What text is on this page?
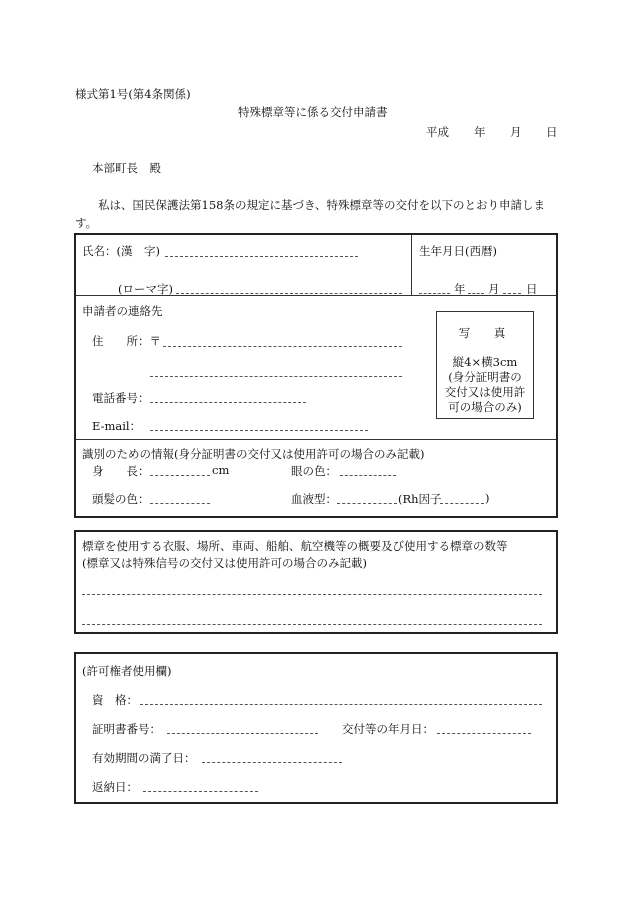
様式第1号(第4条関係)
特殊標章等に係る交付申請書
平成 年 月 日
本部町長　殿
私は、国民保護法第158条の規定に基づき、特殊標章等の交付を以下のとおり申請しま
す。
氏名：(漢　字)
(ローマ字)
生年月日(西暦)
年 月 日
申請者の連絡先
住　　所：〒
電話番号：
E-mail：
写　真
縦4×横3cm
(身分証明書の
交付又は使用許
可の場合のみ)
識別のための情報(身分証明書の交付又は使用許可の場合のみ記載)
身　　長：	cm	眼の色：
頭髪の色：	血液型：	(Rh因子	)
標章を使用する衣服、場所、車両、船舶、航空機等の概要及び使用する標章の数等
(標章又は特殊信号の交付又は使用許可の場合のみ記載)
(許可権者使用欄)
資　格：
証明書番号：	交付等の年月日：
有効期間の満了日：
返納日：
